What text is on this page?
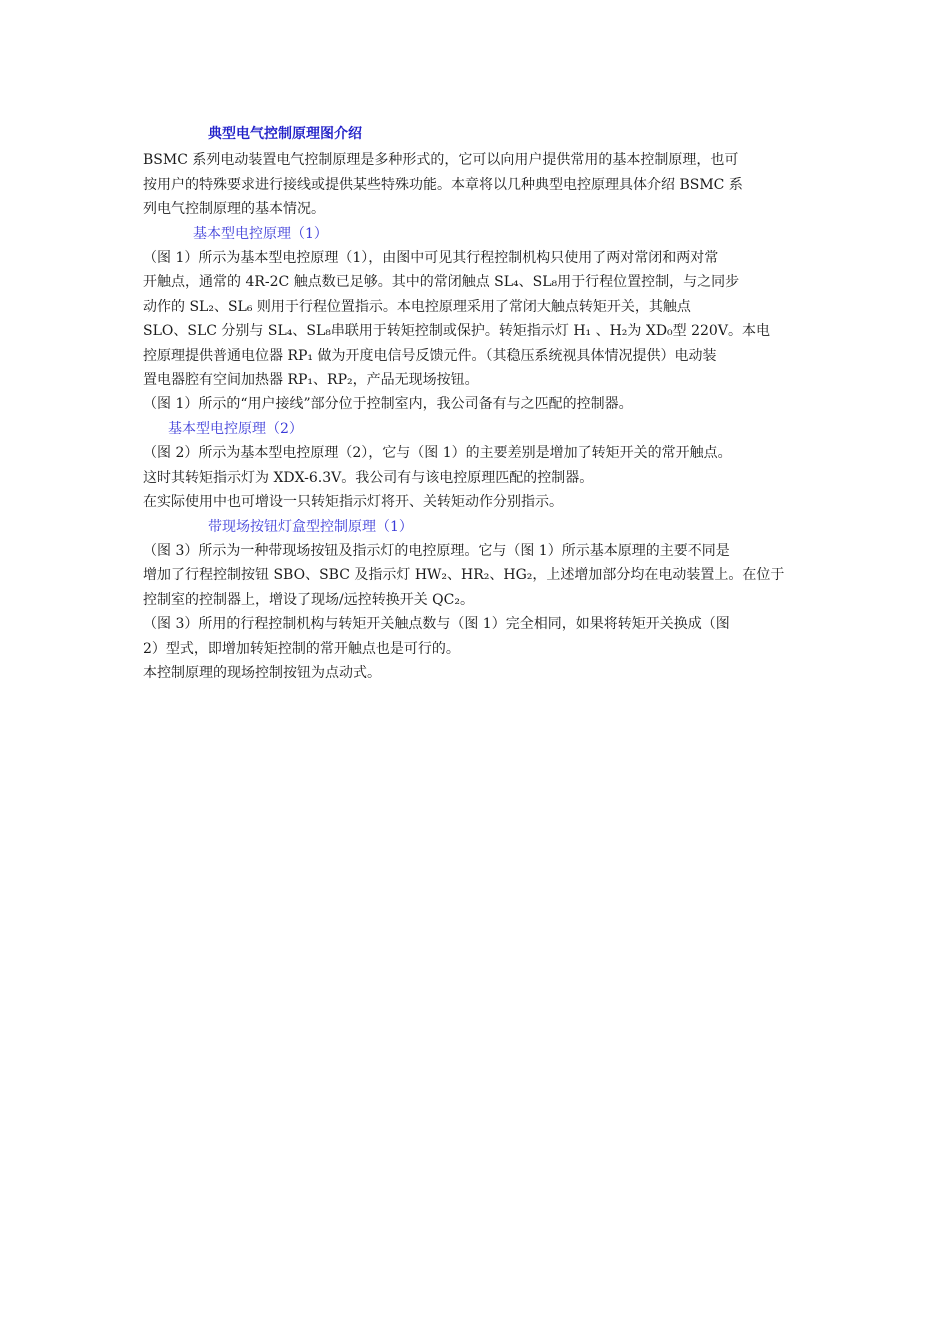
典型电气控制原理图介绍
BSMC 系列电动装置电气控制原理是多种形式的，它可以向用户提供常用的基本控制原理，也可
按用户的特殊要求进行接线或提供某些特殊功能。本章将以几种典型电控原理具体介绍 BSMC 系
列电气控制原理的基本情况。
基本型电控原理（1）
（图 1）所示为基本型电控原理（1），由图中可见其行程控制机构只使用了两对常闭和两对常
开触点，通常的 4R-2C 触点数已足够。其中的常闭触点 SL₄、SL₈用于行程位置控制，与之同步
动作的 SL₂、SL₆ 则用于行程位置指示。本电控原理采用了常闭大触点转矩开关，其触点
SLO、SLC 分别与 SL₄、SL₈串联用于转矩控制或保护。转矩指示灯 H₁ 、H₂为 XD₀型 220V。本电
控原理提供普通电位器 RP₁ 做为开度电信号反馈元件。（其稳压系统视具体情况提供）电动装
置电器腔有空间加热器 RP₁、RP₂，产品无现场按钮。
（图 1）所示的“用户接线”部分位于控制室内，我公司备有与之匹配的控制器。
基本型电控原理（2）
（图 2）所示为基本型电控原理（2），它与（图 1）的主要差别是增加了转矩开关的常开触点。
这时其转矩指示灯为 XDX-6.3V。我公司有与该电控原理匹配的控制器。
在实际使用中也可增设一只转矩指示灯将开、关转矩动作分别指示。
带现场按钮灯盒型控制原理（1）
（图 3）所示为一种带现场按钮及指示灯的电控原理。它与（图 1）所示基本原理的主要不同是
增加了行程控制按钮 SBO、SBC 及指示灯 HW₂、HR₂、HG₂，上述增加部分均在电动装置上。在位于
控制室的控制器上，增设了现场/远控转换开关 QC₂。
（图 3）所用的行程控制机构与转矩开关触点数与（图 1）完全相同，如果将转矩开关换成（图
2）型式，即增加转矩控制的常开触点也是可行的。
本控制原理的现场控制按钮为点动式。
